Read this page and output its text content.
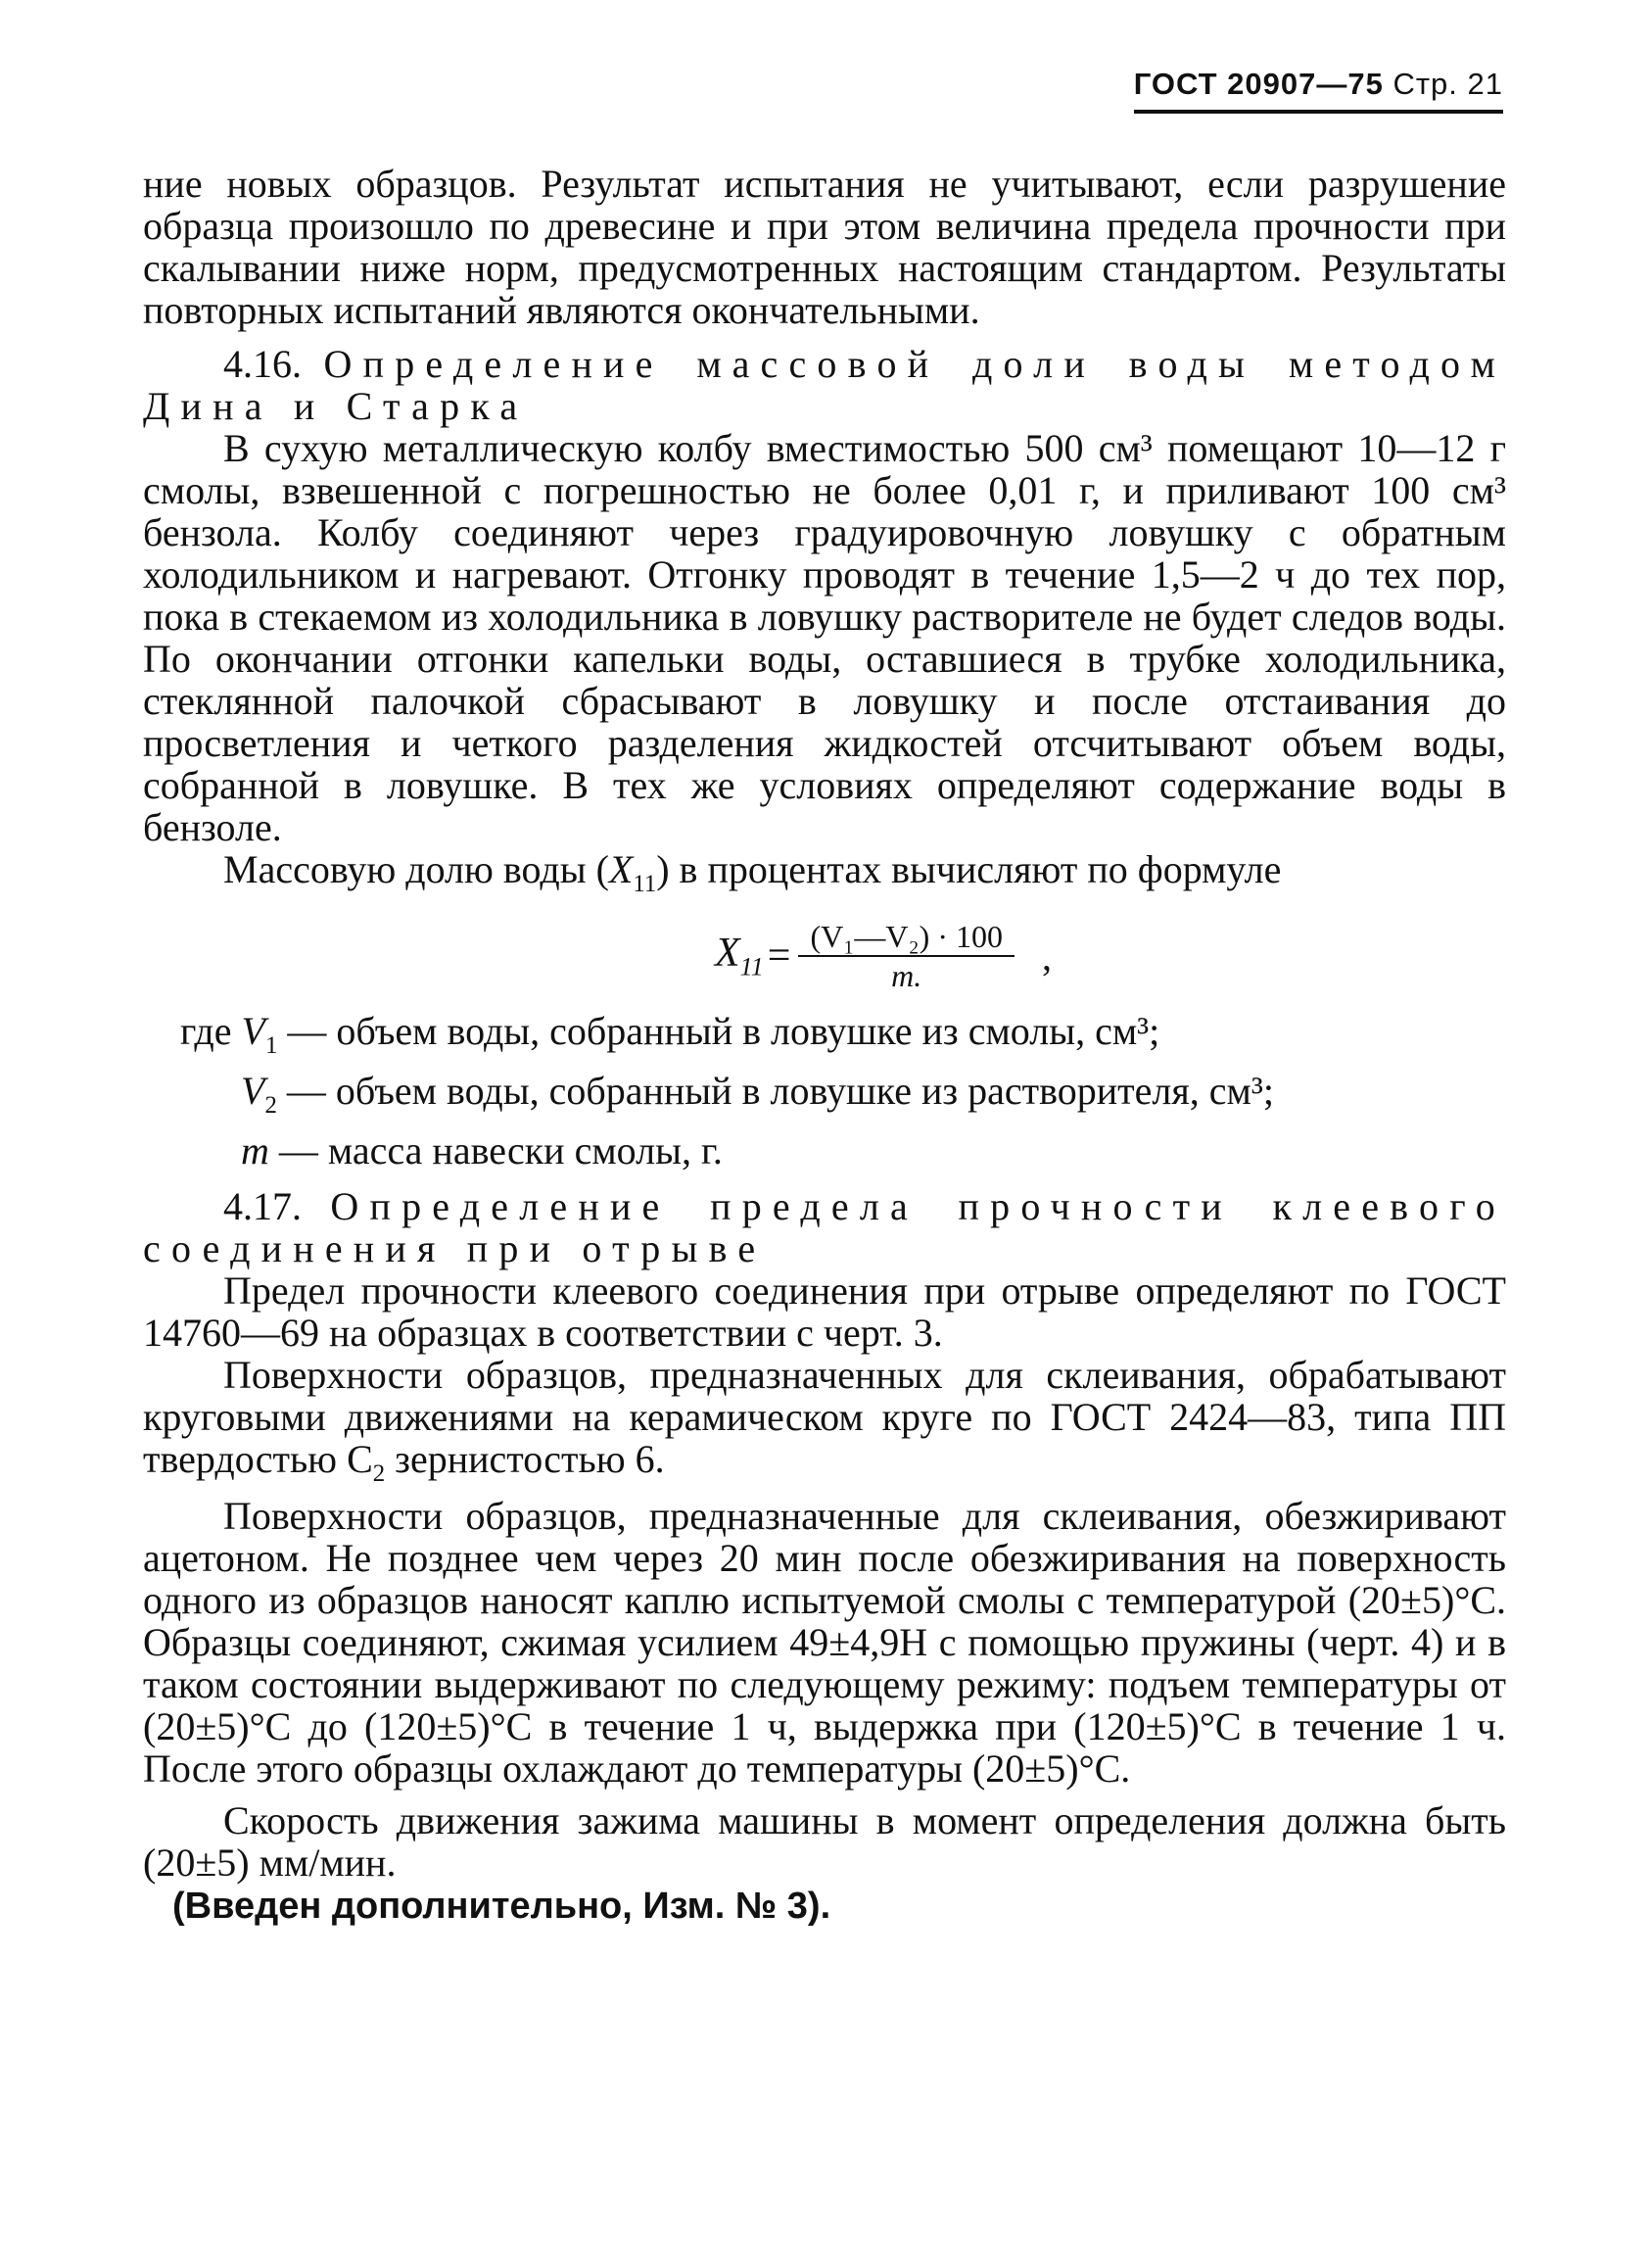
ГОСТ 20907—75 Стр. 21

ние новых образцов. Результат испытания не учитывают, если разрушение образца произошло по древесине и при этом величина предела прочности при скалывании ниже норм, предусмотренных настоящим стандартом. Результаты повторных испытаний являются окончательными.

4.16. Определение массовой доли воды методом Дина и Старка

В сухую металлическую колбу вместимостью 500 см³ помещают 10—12 г смолы, взвешенной с погрешностью не более 0,01 г, и приливают 100 см³ бензола. Колбу соединяют через градуировочную ловушку с обратным холодильником и нагревают. Отгонку проводят в течение 1,5—2 ч до тех пор, пока в стекаемом из холодильника в ловушку растворителе не будет следов воды. По окончании отгонки капельки воды, оставшиеся в трубке холодильника, стеклянной палочкой сбрасывают в ловушку и после отстаивания до просветления и четкого разделения жидкостей отсчитывают объем воды, собранной в ловушке. В тех же условиях определяют содержание воды в бензоле.

Массовую долю воды $(X_{11})$ в процентах вычисляют по формуле

$X_{11} = \frac{\text{(V₁—V₂) · 100}}{m.}$ ,
где $V_1$ — объем воды, собранный в ловушке из смолы, см³;
$V_2$ — объем воды, собранный в ловушке из растворителя, см³;
m — масса навески смолы, г.

4.17. Определение предела прочности клеевого соединения при отрыве

Предел прочности клеевого соединения при отрыве определяют по ГОСТ 14760—69 на образцах в соответствии с черт. 3.

Поверхности образцов, предназначенных для склеивания, обрабатывают круговыми движениями на керамическом круге по ГОСТ 2424—83, типа ПП твердостью $С_2$ зернистостью 6.

Поверхности образцов, предназначенные для склеивания, обезжиривают ацетоном. Не позднее чем через 20 мин после обезжиривания на поверхность одного из образцов наносят каплю испытуемой смолы с температурой (20±5)°С. Образцы соединяют, сжимая усилием 49±4,9Н с помощью пружины (черт. 4) и в таком состоянии выдерживают по следующему режиму: подъем температуры от (20±5)°С до (120±5)°С в течение 1 ч, выдержка при (120±5)°С в течение 1 ч. После этого образцы охлаждают до температуры (20±5)°С.

Скорость движения зажима машины в момент определения должна быть (20±5) мм/мин.

(Введен дополнительно, Изм. № 3).
